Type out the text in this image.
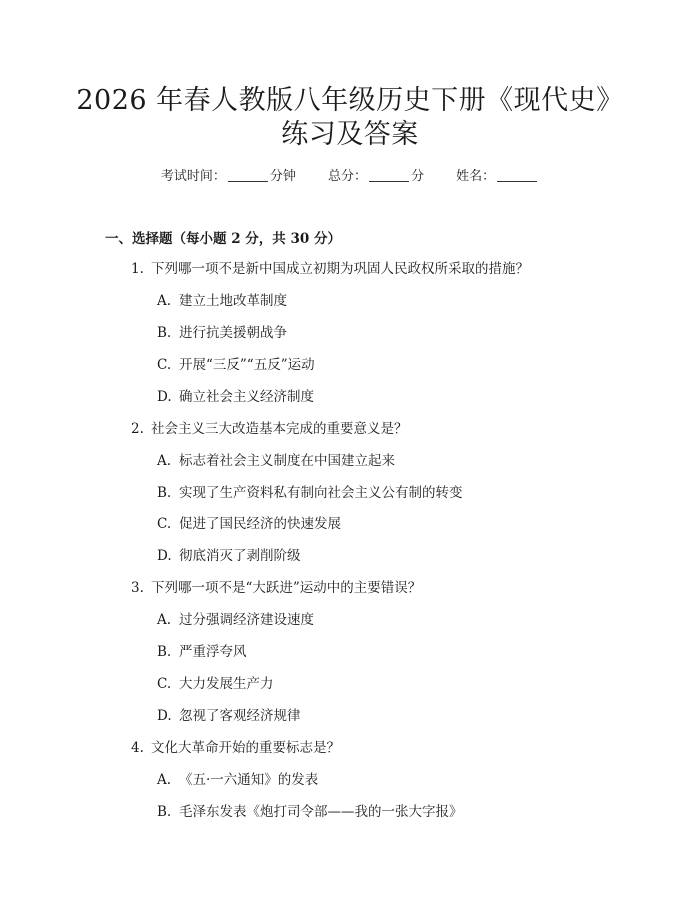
2026 年春人教版八年级历史下册《现代史》
练习及答案
考试时间：	分钟 总分：	分 姓名：
一、选择题（每小题 2 分，共 30 分）
1. 下列哪一项不是新中国成立初期为巩固人民政权所采取的措施？
A. 建立土地改革制度
B. 进行抗美援朝战争
C. 开展“三反”“五反”运动
D. 确立社会主义经济制度
2. 社会主义三大改造基本完成的重要意义是？
A. 标志着社会主义制度在中国建立起来
B. 实现了生产资料私有制向社会主义公有制的转变
C. 促进了国民经济的快速发展
D. 彻底消灭了剥削阶级
3. 下列哪一项不是“大跃进”运动中的主要错误？
A. 过分强调经济建设速度
B. 严重浮夸风
C. 大力发展生产力
D. 忽视了客观经济规律
4. 文化大革命开始的重要标志是？
A. 《五·一六通知》的发表
B. 毛泽东发表《炮打司令部——我的一张大字报》
